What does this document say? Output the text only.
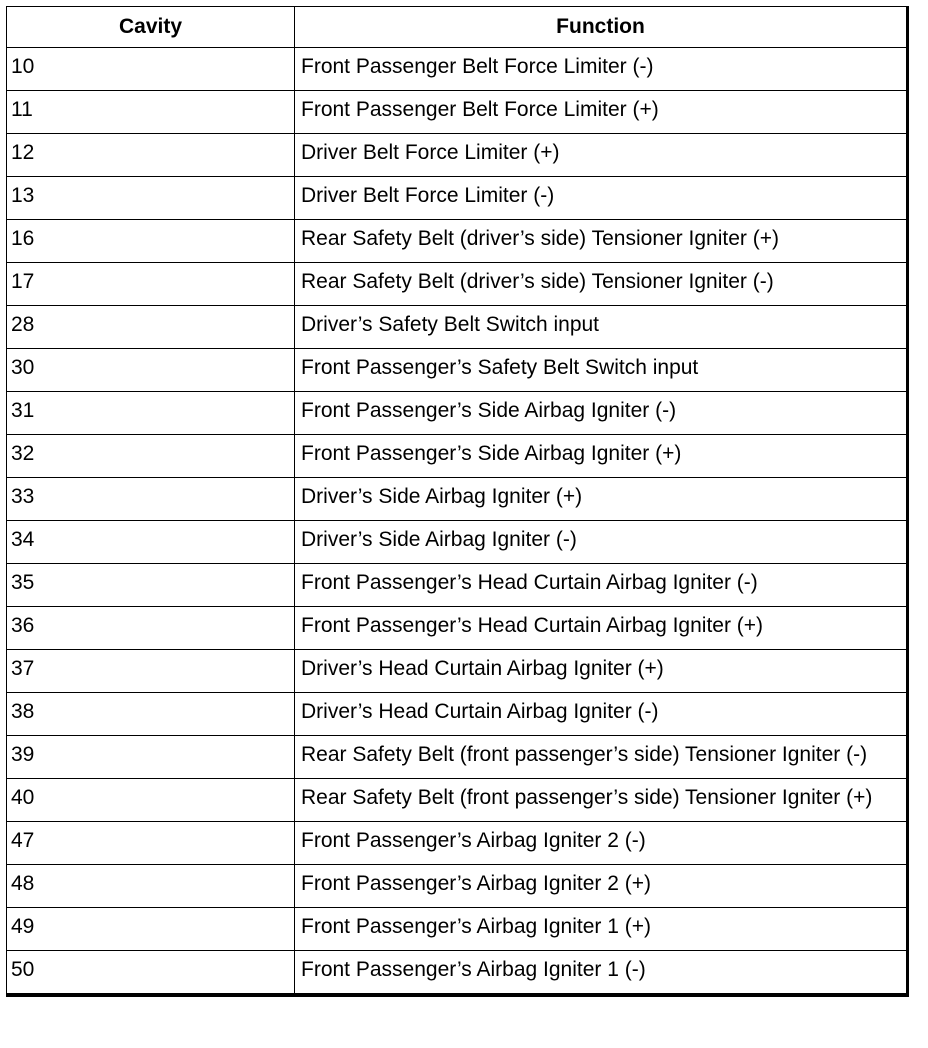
Cavity	Function
10	Front Passenger Belt Force Limiter (-)
11	Front Passenger Belt Force Limiter (+)
12	Driver Belt Force Limiter (+)
13	Driver Belt Force Limiter (-)
16	Rear Safety Belt (driver’s side) Tensioner Igniter (+)
17	Rear Safety Belt (driver’s side) Tensioner Igniter (-)
28	Driver’s Safety Belt Switch input
30	Front Passenger’s Safety Belt Switch input
31	Front Passenger’s Side Airbag Igniter (-)
32	Front Passenger’s Side Airbag Igniter (+)
33	Driver’s Side Airbag Igniter (+)
34	Driver’s Side Airbag Igniter (-)
35	Front Passenger’s Head Curtain Airbag Igniter (-)
36	Front Passenger’s Head Curtain Airbag Igniter (+)
37	Driver’s Head Curtain Airbag Igniter (+)
38	Driver’s Head Curtain Airbag Igniter (-)
39	Rear Safety Belt (front passenger’s side) Tensioner Igniter (-)
40	Rear Safety Belt (front passenger’s side) Tensioner Igniter (+)
47	Front Passenger’s Airbag Igniter 2 (-)
48	Front Passenger’s Airbag Igniter 2 (+)
49	Front Passenger’s Airbag Igniter 1 (+)
50	Front Passenger’s Airbag Igniter 1 (-)
